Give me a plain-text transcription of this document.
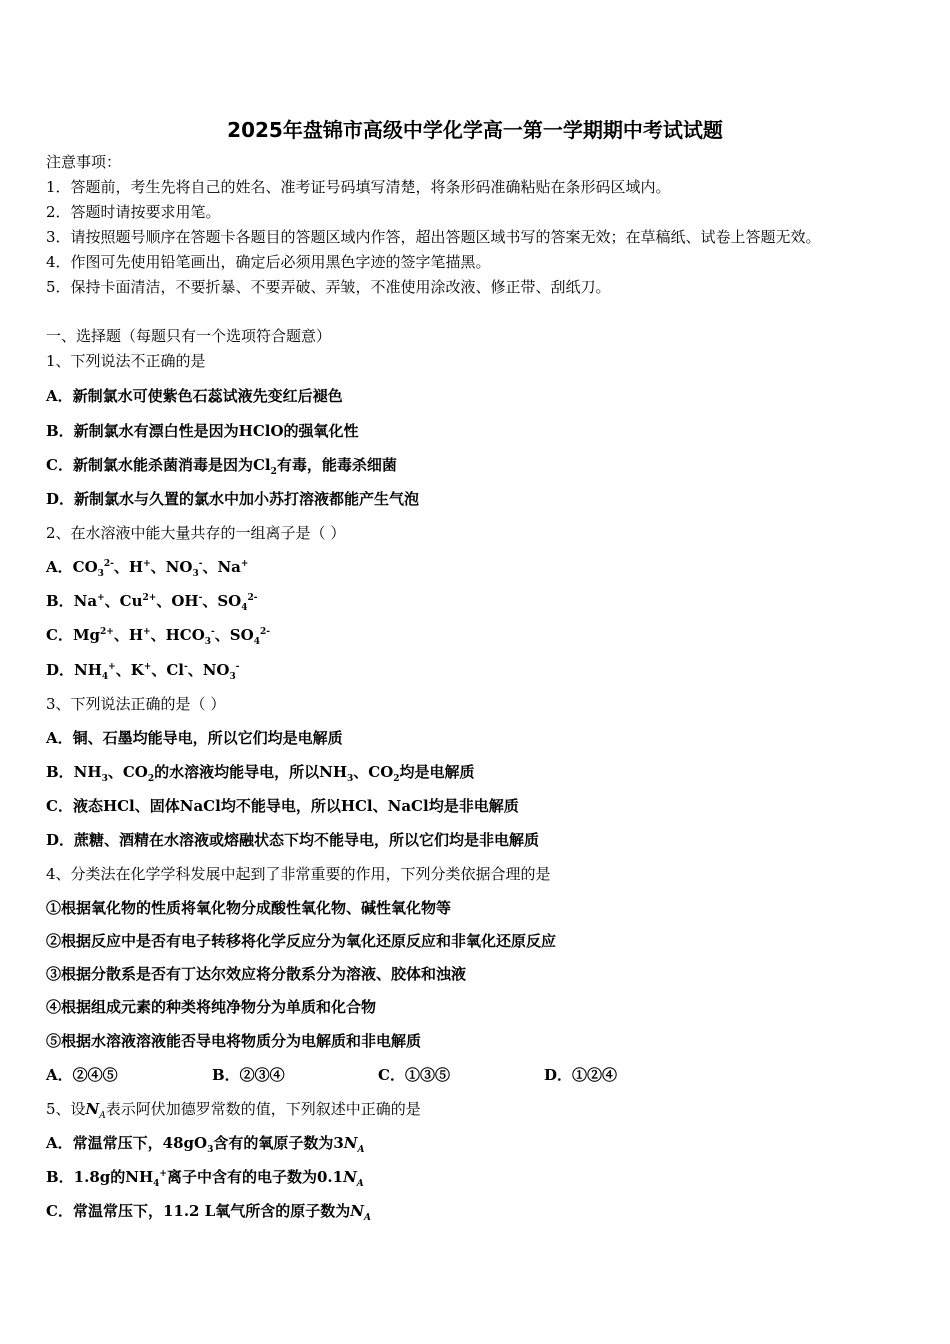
2025年盘锦市高级中学化学高一第一学期期中考试试题
注意事项：
1．答题前，考生先将自己的姓名、准考证号码填写清楚，将条形码准确粘贴在条形码区域内。
2．答题时请按要求用笔。
3．请按照题号顺序在答题卡各题目的答题区域内作答，超出答题区域书写的答案无效；在草稿纸、试卷上答题无效。
4．作图可先使用铅笔画出，确定后必须用黑色字迹的签字笔描黑。
5．保持卡面清洁，不要折暴、不要弄破、弄皱，不准使用涂改液、修正带、刮纸刀。
一、选择题（每题只有一个选项符合题意）
1、下列说法不正确的是
A．新制氯水可使紫色石蕊试液先变红后褪色
B．新制氯水有漂白性是因为HClO的强氧化性
C．新制氯水能杀菌消毒是因为$Cl_2$有毒，能毒杀细菌
D．新制氯水与久置的氯水中加小苏打溶液都能产生气泡
2、在水溶液中能大量共存的一组离子是（ ）
A．$CO_3^{2-}$、H+、$NO_3^-$、Na+
B．Na+、$Cu^{2+}$、OH-、$SO_4^{2-}$
C．$Mg^{2+}$、H+、$HCO_3^-$、$SO_4^{2-}$
D．$NH_4^+$、K+、Cl-、$NO_3^-$
3、下列说法正确的是（ ）
A．铜、石墨均能导电，所以它们均是电解质
B．$NH_3$、$CO_2$的水溶液均能导电，所以$NH_3$、$CO_2$均是电解质
C．液态HCl、固体NaCl均不能导电，所以HCl、NaCl均是非电解质
D．蔗糖、酒精在水溶液或熔融状态下均不能导电，所以它们均是非电解质
4、分类法在化学学科发展中起到了非常重要的作用，下列分类依据合理的是
①根据氧化物的性质将氧化物分成酸性氧化物、碱性氧化物等
②根据反应中是否有电子转移将化学反应分为氧化还原反应和非氧化还原反应
③根据分散系是否有丁达尔效应将分散系分为溶液、胶体和浊液
④根据组成元素的种类将纯净物分为单质和化合物
⑤根据水溶液溶液能否导电将物质分为电解质和非电解质
A．②④⑤	B．②③④	C．①③⑤	D．①②④
5、设$N_A$表示阿伏加德罗常数的值，下列叙述中正确的是
A．常温常压下，$48gO_3$含有的氧原子数为$3N_A$
B．1.8g的$NH_4^+$离子中含有的电子数为$0.1N_A$
C．常温常压下，11.2 L氧气所含的原子数为$N_A$
